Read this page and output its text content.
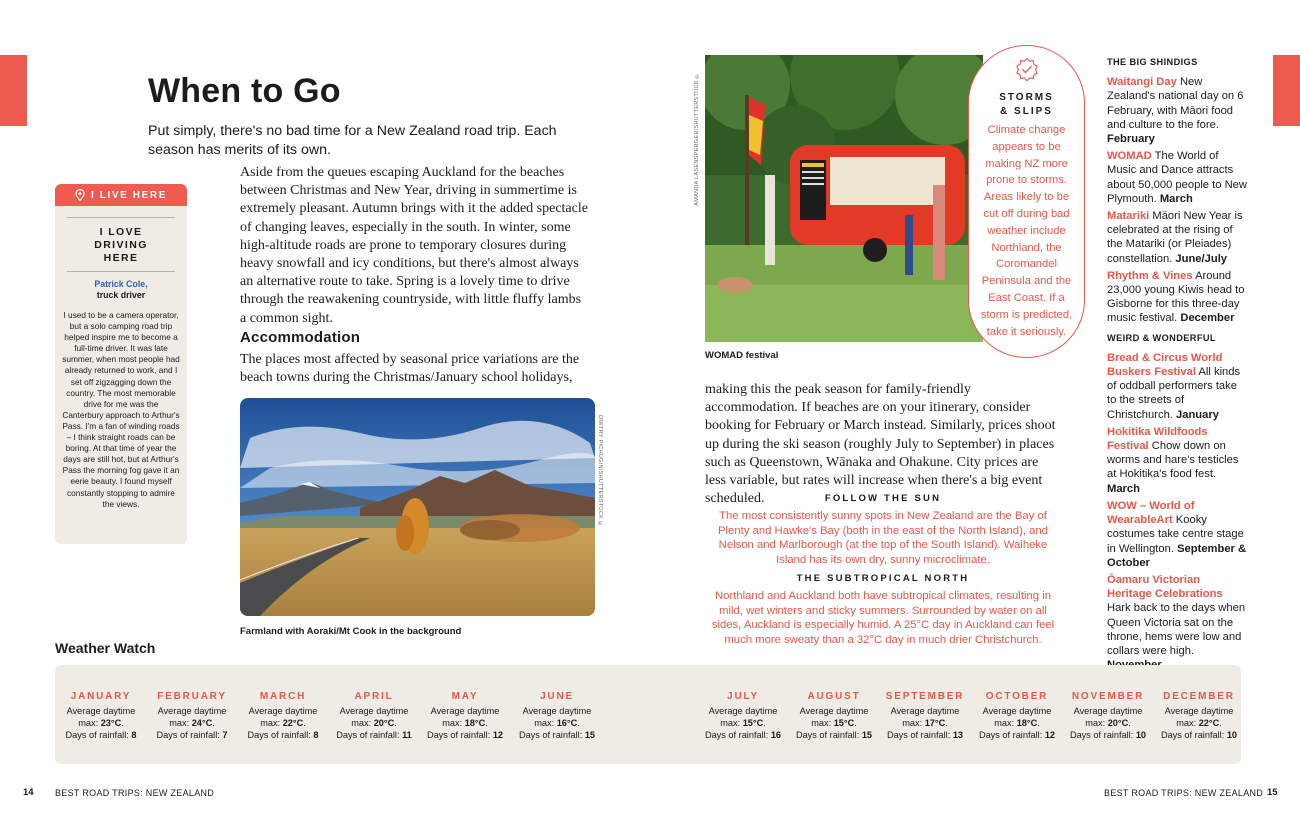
When to Go

Put simply, there's no bad time for a New Zealand road trip. Each season has merits of its own.

Aside from the queues escaping Auckland for the beaches between Christmas and New Year, driving in summertime is extremely pleasant. Autumn brings with it the added spectacle of changing leaves, especially in the south. In winter, some high-altitude roads are prone to temporary closures during heavy snowfall and icy conditions, but there's almost always an alternative route to take. Spring is a lovely time to drive through the reawakening countryside, with little fluffy lambs a common sight.

Accommodation

The places most affected by seasonal price variations are the beach towns during the Christmas/January school holidays,

I LIVE HERE
I LOVE DRIVING HERE
Patrick Cole,
truck driver

I used to be a camera operator, but a solo camping road trip helped inspire me to become a full-time driver. It was late summer, when most people had already returned to work, and I set off zigzagging down the country. The most memorable drive for me was the Canterbury approach to Arthur's Pass. I'm a fan of winding roads – I think straight roads can be boring. At that time of year the days are still hot, but at Arthur's Pass the morning fog gave it an eerie beauty. I found myself constantly stopping to admire the views.	DMITRY PICHUGIN/SHUTTERSTOCK ©
Farmland with Aoraki/Mt Cook in the background
AMANDA LASENSPERGER/SHUTTERSTOCK ©
WOMAD festival
STORMS
& SLIPS

Climate change appears to be making NZ more prone to storms. Areas likely to be cut off during bad weather include Northland, the Coromandel Peninsula and the East Coast. If a storm is predicted, take it seriously.

making this the peak season for family-friendly accommodation. If beaches are on your itinerary, consider booking for February or March instead. Similarly, prices shoot up during the ski season (roughly July to September) in places such as Queenstown, Wānaka and Ohakune. City prices are less variable, but rates will increase when there's a big event scheduled.	FOLLOW THE SUN

The most consistently sunny spots in New Zealand are the Bay of Plenty and Hawke's Bay (both in the east of the North Island), and Nelson and Marlborough (at the top of the South Island). Waiheke Island has its own dry, sunny microclimate.

THE SUBTROPICAL NORTH

Northland and Auckland both have subtropical climates, resulting in mild, wet winters and sticky summers. Surrounded by water on all sides, Auckland is especially humid. A 25°C day in Auckland can feel much more sweaty than a 32°C day in much drier Christchurch.

THE BIG SHINDIGS
Waitangi Day New Zealand's national day on 6 February, with Māori food and culture to the fore. February
WOMAD The World of Music and Dance attracts about 50,000 people to New Plymouth. March
Matariki Māori New Year is celebrated at the rising of the Matariki (or Pleiades) constellation. June/July
Rhythm & Vines Around 23,000 young Kiwis head to Gisborne for this three-day music festival. December
WEIRD & WONDERFUL
Bread & Circus World Buskers Festival All kinds of oddball performers take to the streets of Christchurch. January
Hokitika Wildfoods Festival Chow down on worms and hare's testicles at Hokitika's food fest. March
WOW – World of WearableArt Kooky costumes take centre stage in Wellington. September & October
Ōamaru Victorian Heritage Celebrations Hark back to the days when Queen Victoria sat on the throne, hems were low and collars were high.
Weather Watch
JANUARY
Average daytime
max: 23°C.
Days of rainfall: 8
FEBRUARY
Average daytime
max: 24°C.
Days of rainfall: 7
MARCH
Average daytime
max: 22°C.
Days of rainfall: 8
APRIL
Average daytime
max: 20°C.
Days of rainfall: 11
MAY
Average daytime
max: 18°C.
Days of rainfall: 12
JUNE
Average daytime
max: 16°C.
Days of rainfall: 15
JULY
Average daytime
max: 15°C.
Days of rainfall: 16
AUGUST
Average daytime
max: 15°C.
Days of rainfall: 15
SEPTEMBER
Average daytime
max: 17°C.
Days of rainfall: 13
OCTOBER
Average daytime
max: 18°C.
Days of rainfall: 12
NOVEMBER
Average daytime
max: 20°C.
Days of rainfall: 10
DECEMBER
Average daytime
max: 22°C.
Days of rainfall: 10
14 BEST ROAD TRIPS: NEW ZEALAND	BEST ROAD TRIPS: NEW ZEALAND 15
